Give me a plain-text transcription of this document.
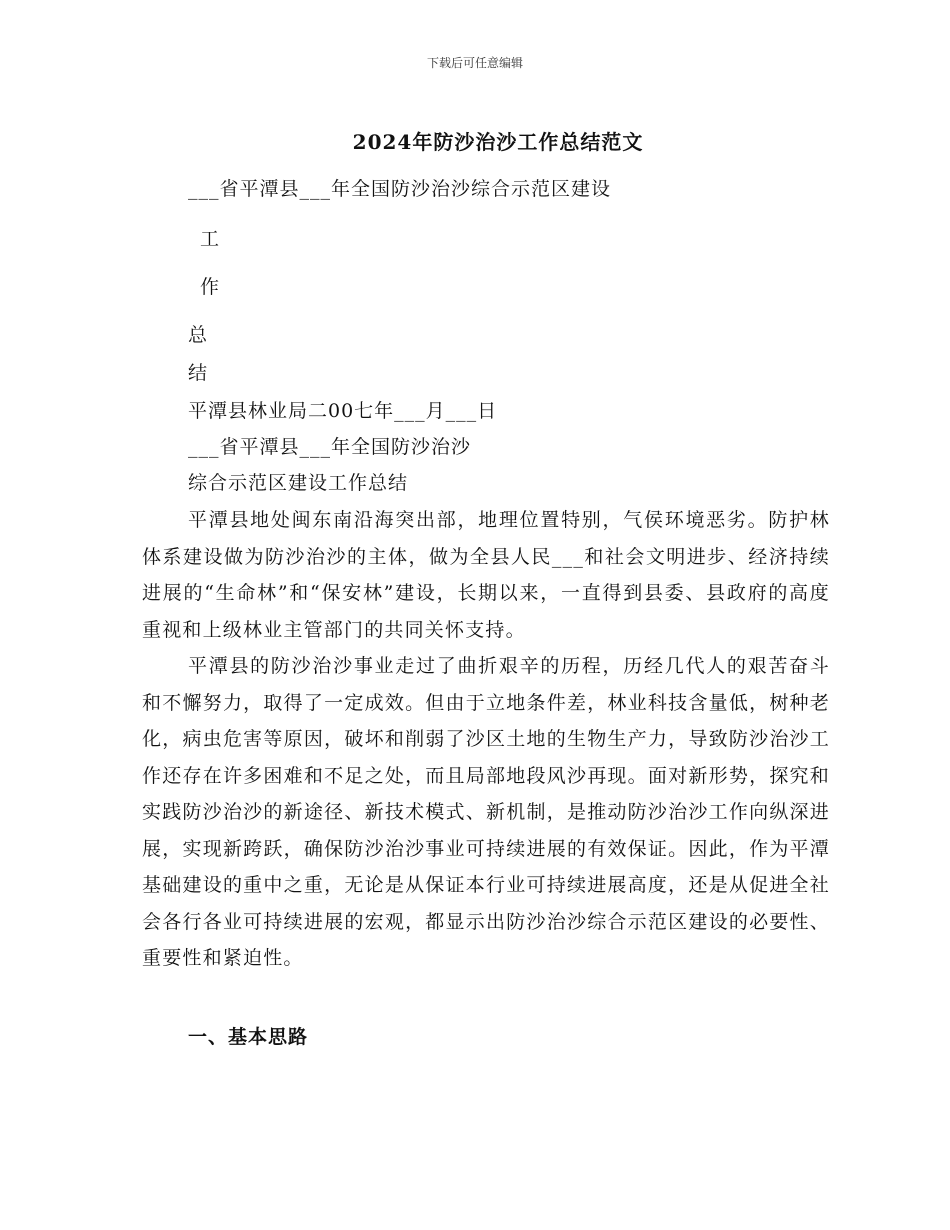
下载后可任意编辑
2024年防沙治沙工作总结范文
___省平潭县___年全国防沙治沙综合示范区建设
工
作
总
结
平潭县林业局二00七年___月___日
___省平潭县___年全国防沙治沙
综合示范区建设工作总结

平潭县地处闽东南沿海突出部，地理位置特别，气侯环境恶劣。防护林体系建设做为防沙治沙的主体，做为全县人民___和社会文明进步、经济持续进展的“生命林”和“保安林”建设，长期以来，一直得到县委、县政府的高度重视和上级林业主管部门的共同关怀支持。

平潭县的防沙治沙事业走过了曲折艰辛的历程，历经几代人的艰苦奋斗和不懈努力，取得了一定成效。但由于立地条件差，林业科技含量低，树种老化，病虫危害等原因，破坏和削弱了沙区土地的生物生产力，导致防沙治沙工作还存在许多困难和不足之处，而且局部地段风沙再现。面对新形势，探究和实践防沙治沙的新途径、新技术模式、新机制，是推动防沙治沙工作向纵深进展，实现新跨跃，确保防沙治沙事业可持续进展的有效保证。因此，作为平潭基础建设的重中之重，无论是从保证本行业可持续进展高度，还是从促进全社会各行各业可持续进展的宏观，都显示出防沙治沙综合示范区建设的必要性、重要性和紧迫性。

一、基本思路
